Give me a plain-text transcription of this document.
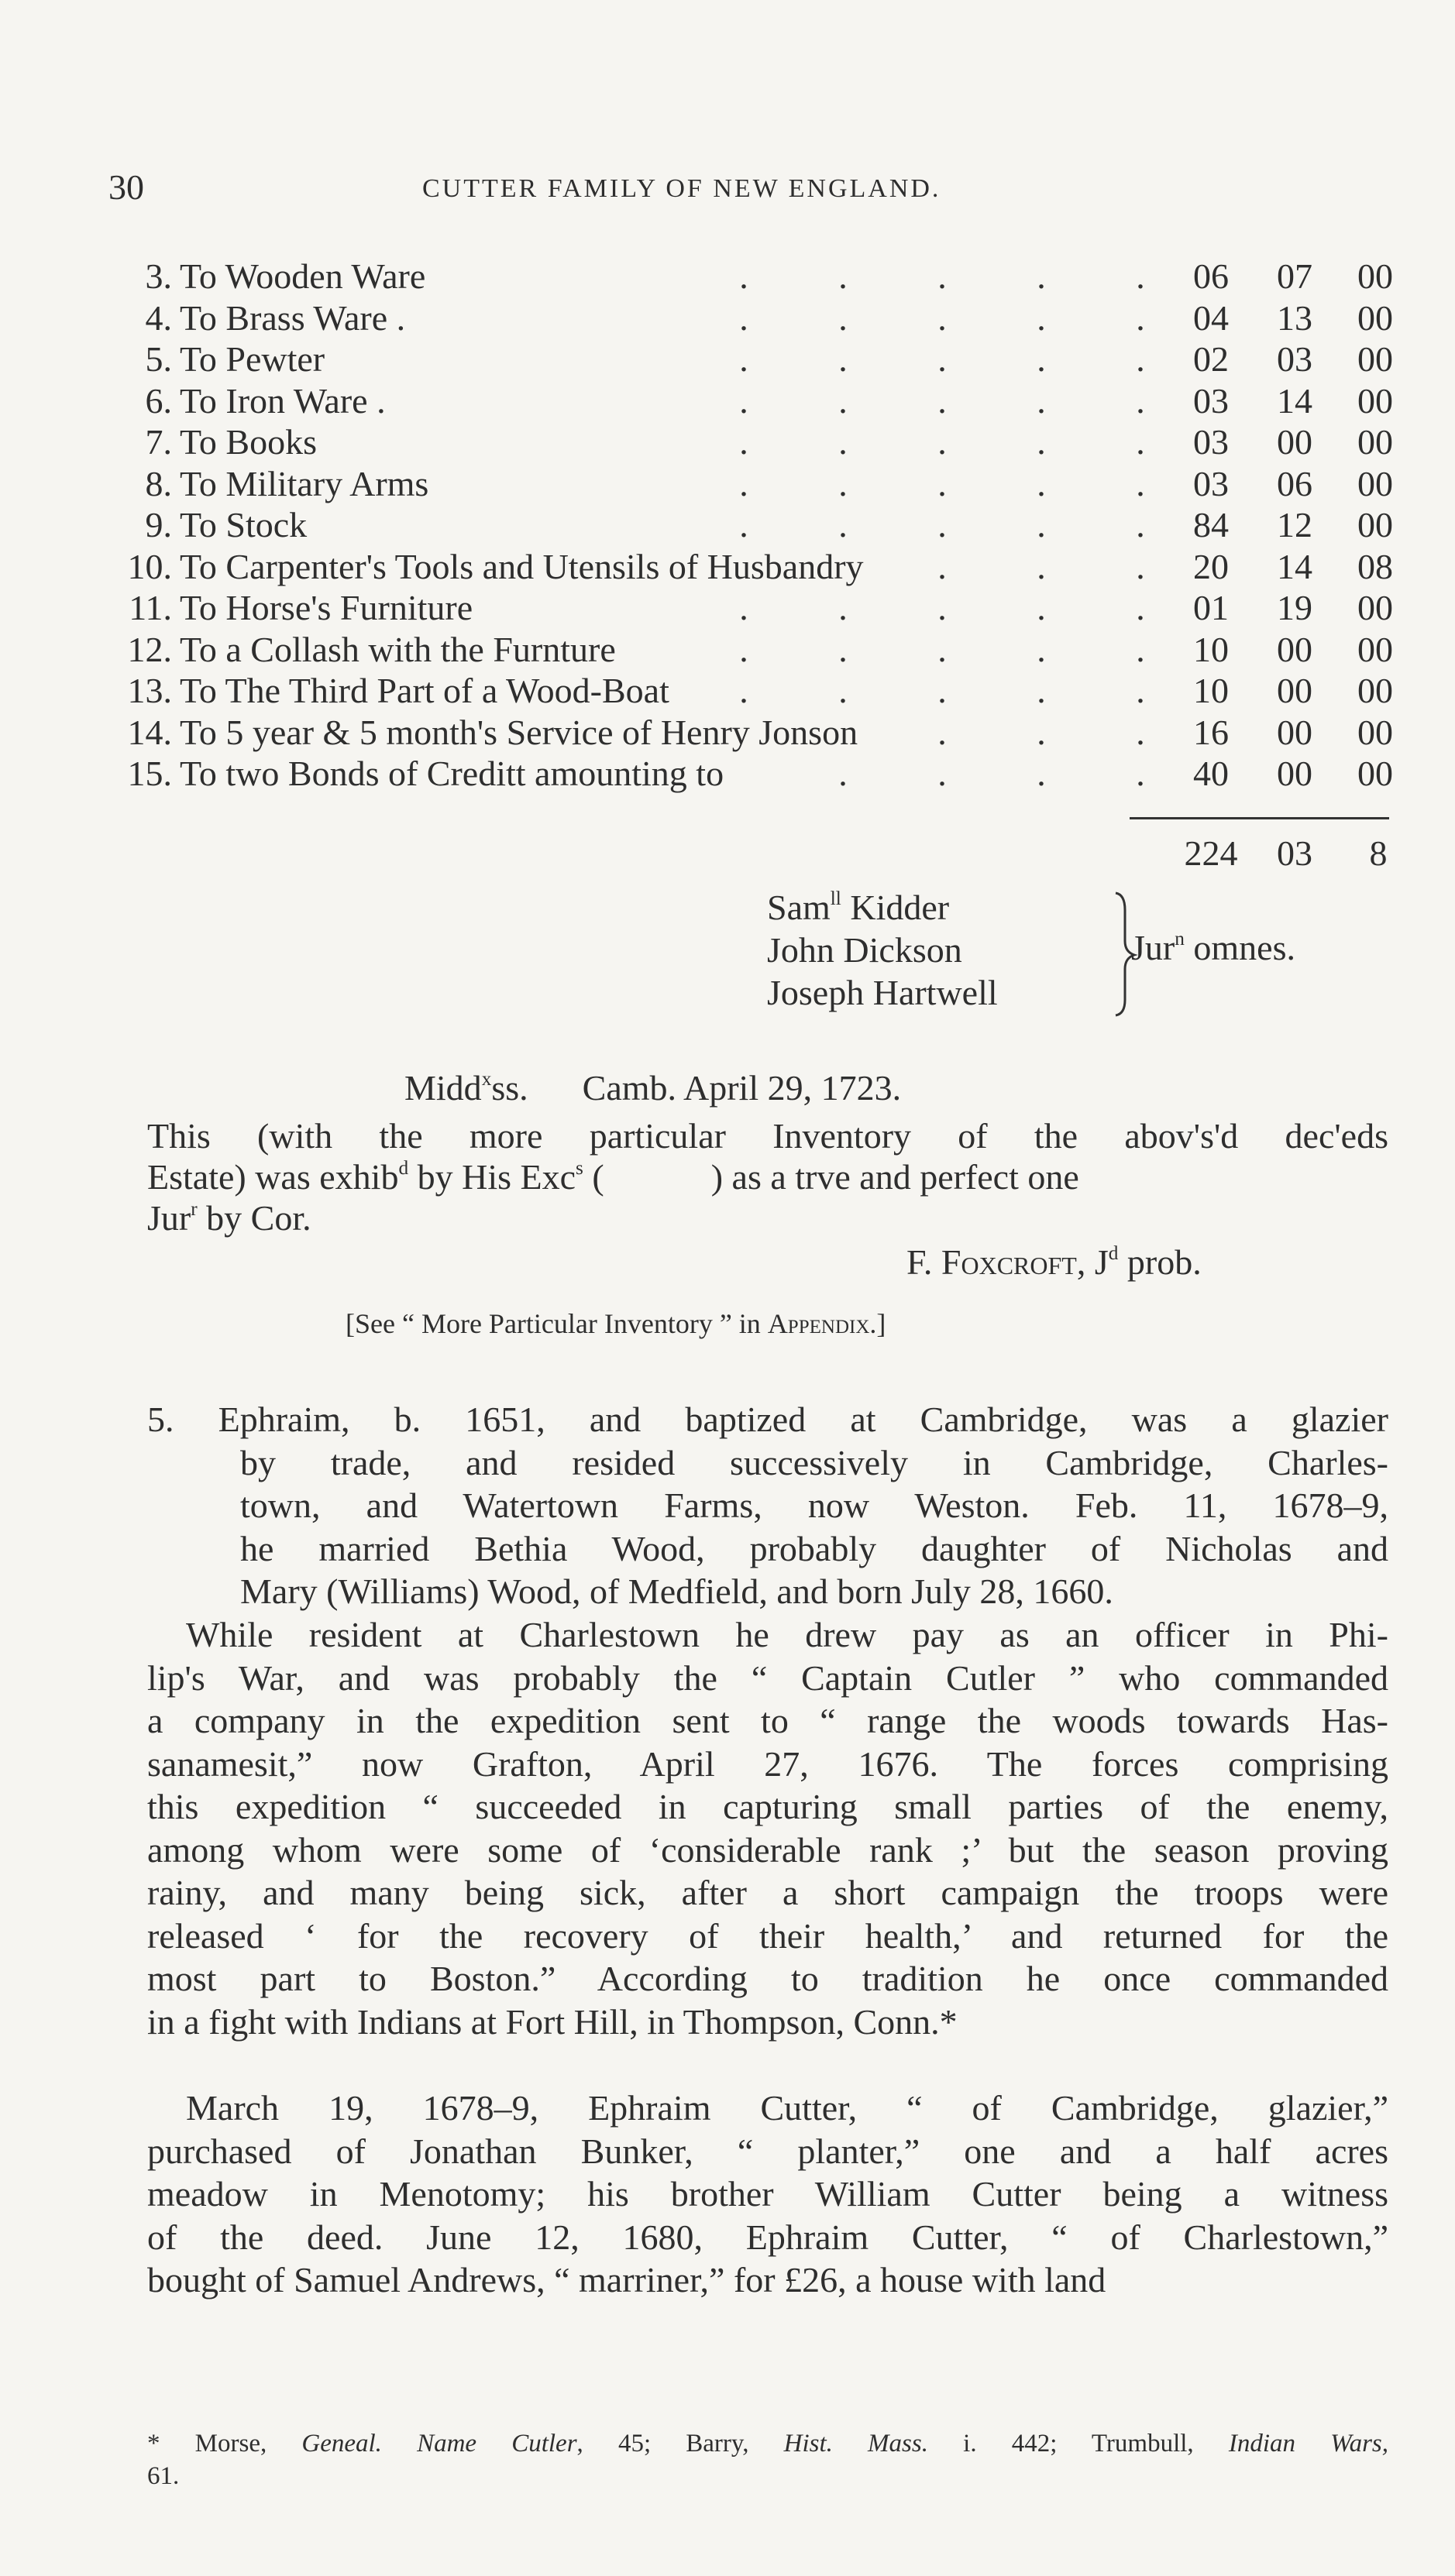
30	CUTTER FAMILY OF NEW ENGLAND.
3. To Wooden Ware	.	.	.	.	.	06	07	00
4. To Brass Ware .	.	.	.	.	.	04	13	00
5. To Pewter	.	.	.	.	.	02	03	00
6. To Iron Ware .	.	.	.	.	.	03	14	00
7. To Books	.	.	.	.	.	03	00	00
8. To Military Arms	.	.	.	.	.	03	06	00
9. To Stock	.	.	.	.	.	84	12	00
10. To Carpenter's Tools and Utensils of Husbandry .	.	.	20	14	08
11. To Horse's Furniture	.	.	.	.	.	01	19	00
12. To a Collash with the Furnture	.	.	.	.	.	10	00	00
13. To The Third Part of a Wood-Boat .	.	.	.	.	10	00	00
14. To 5 year & 5 month's Service of Henry Jonson .	.	.	16	00	00
15. To two Bonds of Creditt amounting to	.	.	.	.	40	00	00
224	03	8
Sam$^{ll}$ Kidder
John Dickson
Joseph Hartwell
Jur$^n$ omnes.
Midd$^x$ss. Camb. April 29, 1723.
This (with the more particular Inventory of the abov's'd dec'eds
Estate) was exhib$^d$ by His Exc$^s$ (            ) as a trve and perfect one
Jur$^r$ by Cor.
F. Foxcroft, $J^d$ prob.
[See “ More Particular Inventory ” in Appendix.]
5. Ephraim, b. 1651, and baptized at Cambridge, was a glazier
by trade, and resided successively in Cambridge, Charles-
town, and Watertown Farms, now Weston. Feb. 11, 1678–9,
he married Bethia Wood, probably daughter of Nicholas and
Mary (Williams) Wood, of Medfield, and born July 28, 1660.
While resident at Charlestown he drew pay as an officer in Phi-
lip's War, and was probably the “ Captain Cutler ” who commanded
a company in the expedition sent to “ range the woods towards Has-
sanamesit,” now Grafton, April 27, 1676. The forces comprising
this expedition “ succeeded in capturing small parties of the enemy,
among whom were some of ‘considerable rank ;’ but the season proving
rainy, and many being sick, after a short campaign the troops were
released ‘ for the recovery of their health,’ and returned for the
most part to Boston.” According to tradition he once commanded
in a fight with Indians at Fort Hill, in Thompson, Conn.*
March 19, 1678–9, Ephraim Cutter, “ of Cambridge, glazier,”
purchased of Jonathan Bunker, “ planter,” one and a half acres
meadow in Menotomy; his brother William Cutter being a witness
of the deed. June 12, 1680, Ephraim Cutter, “ of Charlestown,”
bought of Samuel Andrews, “ marriner,” for £26, a house with land
* Morse, Geneal. Name Cutler, 45; Barry, Hist. Mass. i. 442; Trumbull, Indian Wars,
61.
